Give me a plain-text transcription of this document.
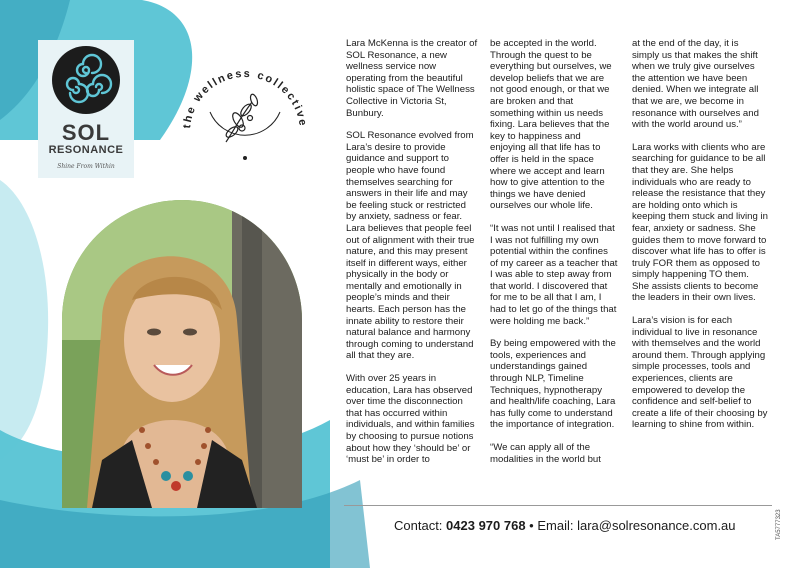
SOL
RESONANCE
Shine From Within
the wellness collective

Lara McKenna is the creator of SOL Resonance, a new wellness service now operating from the beautiful holistic space of The Wellness Collective in Victoria St, Bunbury.

SOL Resonance evolved from Lara’s desire to provide guidance and support to people who have found themselves searching for answers in their life and may be feeling stuck or restricted by anxiety, sadness or fear. Lara believes that people feel out of alignment with their true nature, and this may present itself in different ways, either physically in the body or mentally and emotionally in people’s minds and their hearts. Each person has the innate ability to restore their natural balance and harmony through coming to understand all that they are.

With over 25 years in education, Lara has observed over time the disconnection that has occurred within individuals, and within families by choosing to pursue notions about how they ‘should be’ or ‘must be’ in order to

be accepted in the world. Through the quest to be everything but ourselves, we develop beliefs that we are not good enough, or that we are broken and that something within us needs fixing. Lara believes that the key to happiness and enjoying all that life has to offer is held in the space where we accept and learn how to give attention to the things we have denied ourselves our whole life.

“It was not until I realised that I was not fulfilling my own potential within the confines of my career as a teacher that I was able to step away from that world. I discovered that for me to be all that I am, I had to let go of the things that were holding me back.”

By being empowered with the tools, experiences and understandings gained through NLP, Timeline Techniques, hypnotherapy and health/life coaching, Lara has fully come to understand the importance of integration.

“We can apply all of the modalities in the world but

at the end of the day, it is simply us that makes the shift when we truly give ourselves the attention we have been denied. When we integrate all that we are, we become in resonance with ourselves and with the world around us.”

Lara works with clients who are searching for guidance to be all that they are. She helps individuals who are ready to release the resistance that they are holding onto which is keeping them stuck and living in fear, anxiety or sadness. She guides them to move forward to discover what life has to offer is truly FOR them as opposed to simply happening TO them. She assists clients to become the leaders in their own lives.

Lara’s vision is for each individual to live in resonance with themselves and the world around them. Through applying simple processes, tools and experiences, clients are empowered to develop the confidence and self-belief to create a life of their choosing by learning to shine from within.

Contact: 0423 970 768 • Email: lara@solresonance.com.au	TA5777323
